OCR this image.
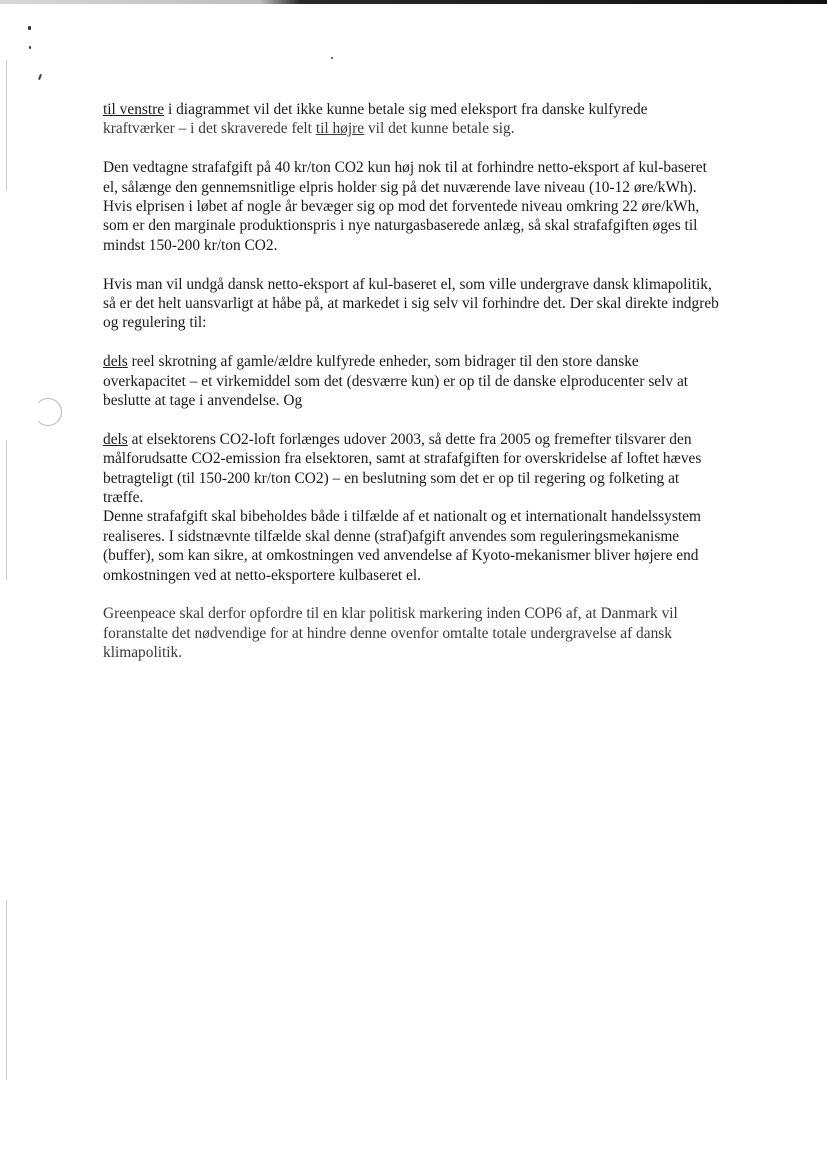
til venstre i diagrammet vil det ikke kunne betale sig med eleksport fra danske kulfyrede
kraftværker – i det skraverede felt til højre vil det kunne betale sig.

Den vedtagne strafafgift på 40 kr/ton CO2 kun høj nok til at forhindre netto-eksport af kul-baseret
el, sålænge den gennemsnitlige elpris holder sig på det nuværende lave niveau (10-12 øre/kWh).
Hvis elprisen i løbet af nogle år bevæger sig op mod det forventede niveau omkring 22 øre/kWh,
som er den marginale produktionspris i nye naturgasbaserede anlæg, så skal strafafgiften øges til
mindst 150-200 kr/ton CO2.

Hvis man vil undgå dansk netto-eksport af kul-baseret el, som ville undergrave dansk klimapolitik,
så er det helt uansvarligt at håbe på, at markedet i sig selv vil forhindre det. Der skal direkte indgreb
og regulering til:

dels reel skrotning af gamle/ældre kulfyrede enheder, som bidrager til den store danske
overkapacitet – et virkemiddel som det (desværre kun) er op til de danske elproducenter selv at
beslutte at tage i anvendelse. Og

dels at elsektorens CO2-loft forlænges udover 2003, så dette fra 2005 og fremefter tilsvarer den
målforudsatte CO2-emission fra elsektoren, samt at strafafgiften for overskridelse af loftet hæves
betragteligt (til 150-200 kr/ton CO2) – en beslutning som det er op til regering og folketing at
træffe.

Denne strafafgift skal bibeholdes både i tilfælde af et nationalt og et internationalt handelssystem
realiseres. I sidstnævnte tilfælde skal denne (straf)afgift anvendes som reguleringsmekanisme
(buffer), som kan sikre, at omkostningen ved anvendelse af Kyoto-mekanismer bliver højere end
omkostningen ved at netto-eksportere kulbaseret el.

Greenpeace skal derfor opfordre til en klar politisk markering inden COP6 af, at Danmark vil
foranstalte det nødvendige for at hindre denne ovenfor omtalte totale undergravelse af dansk
klimapolitik.
